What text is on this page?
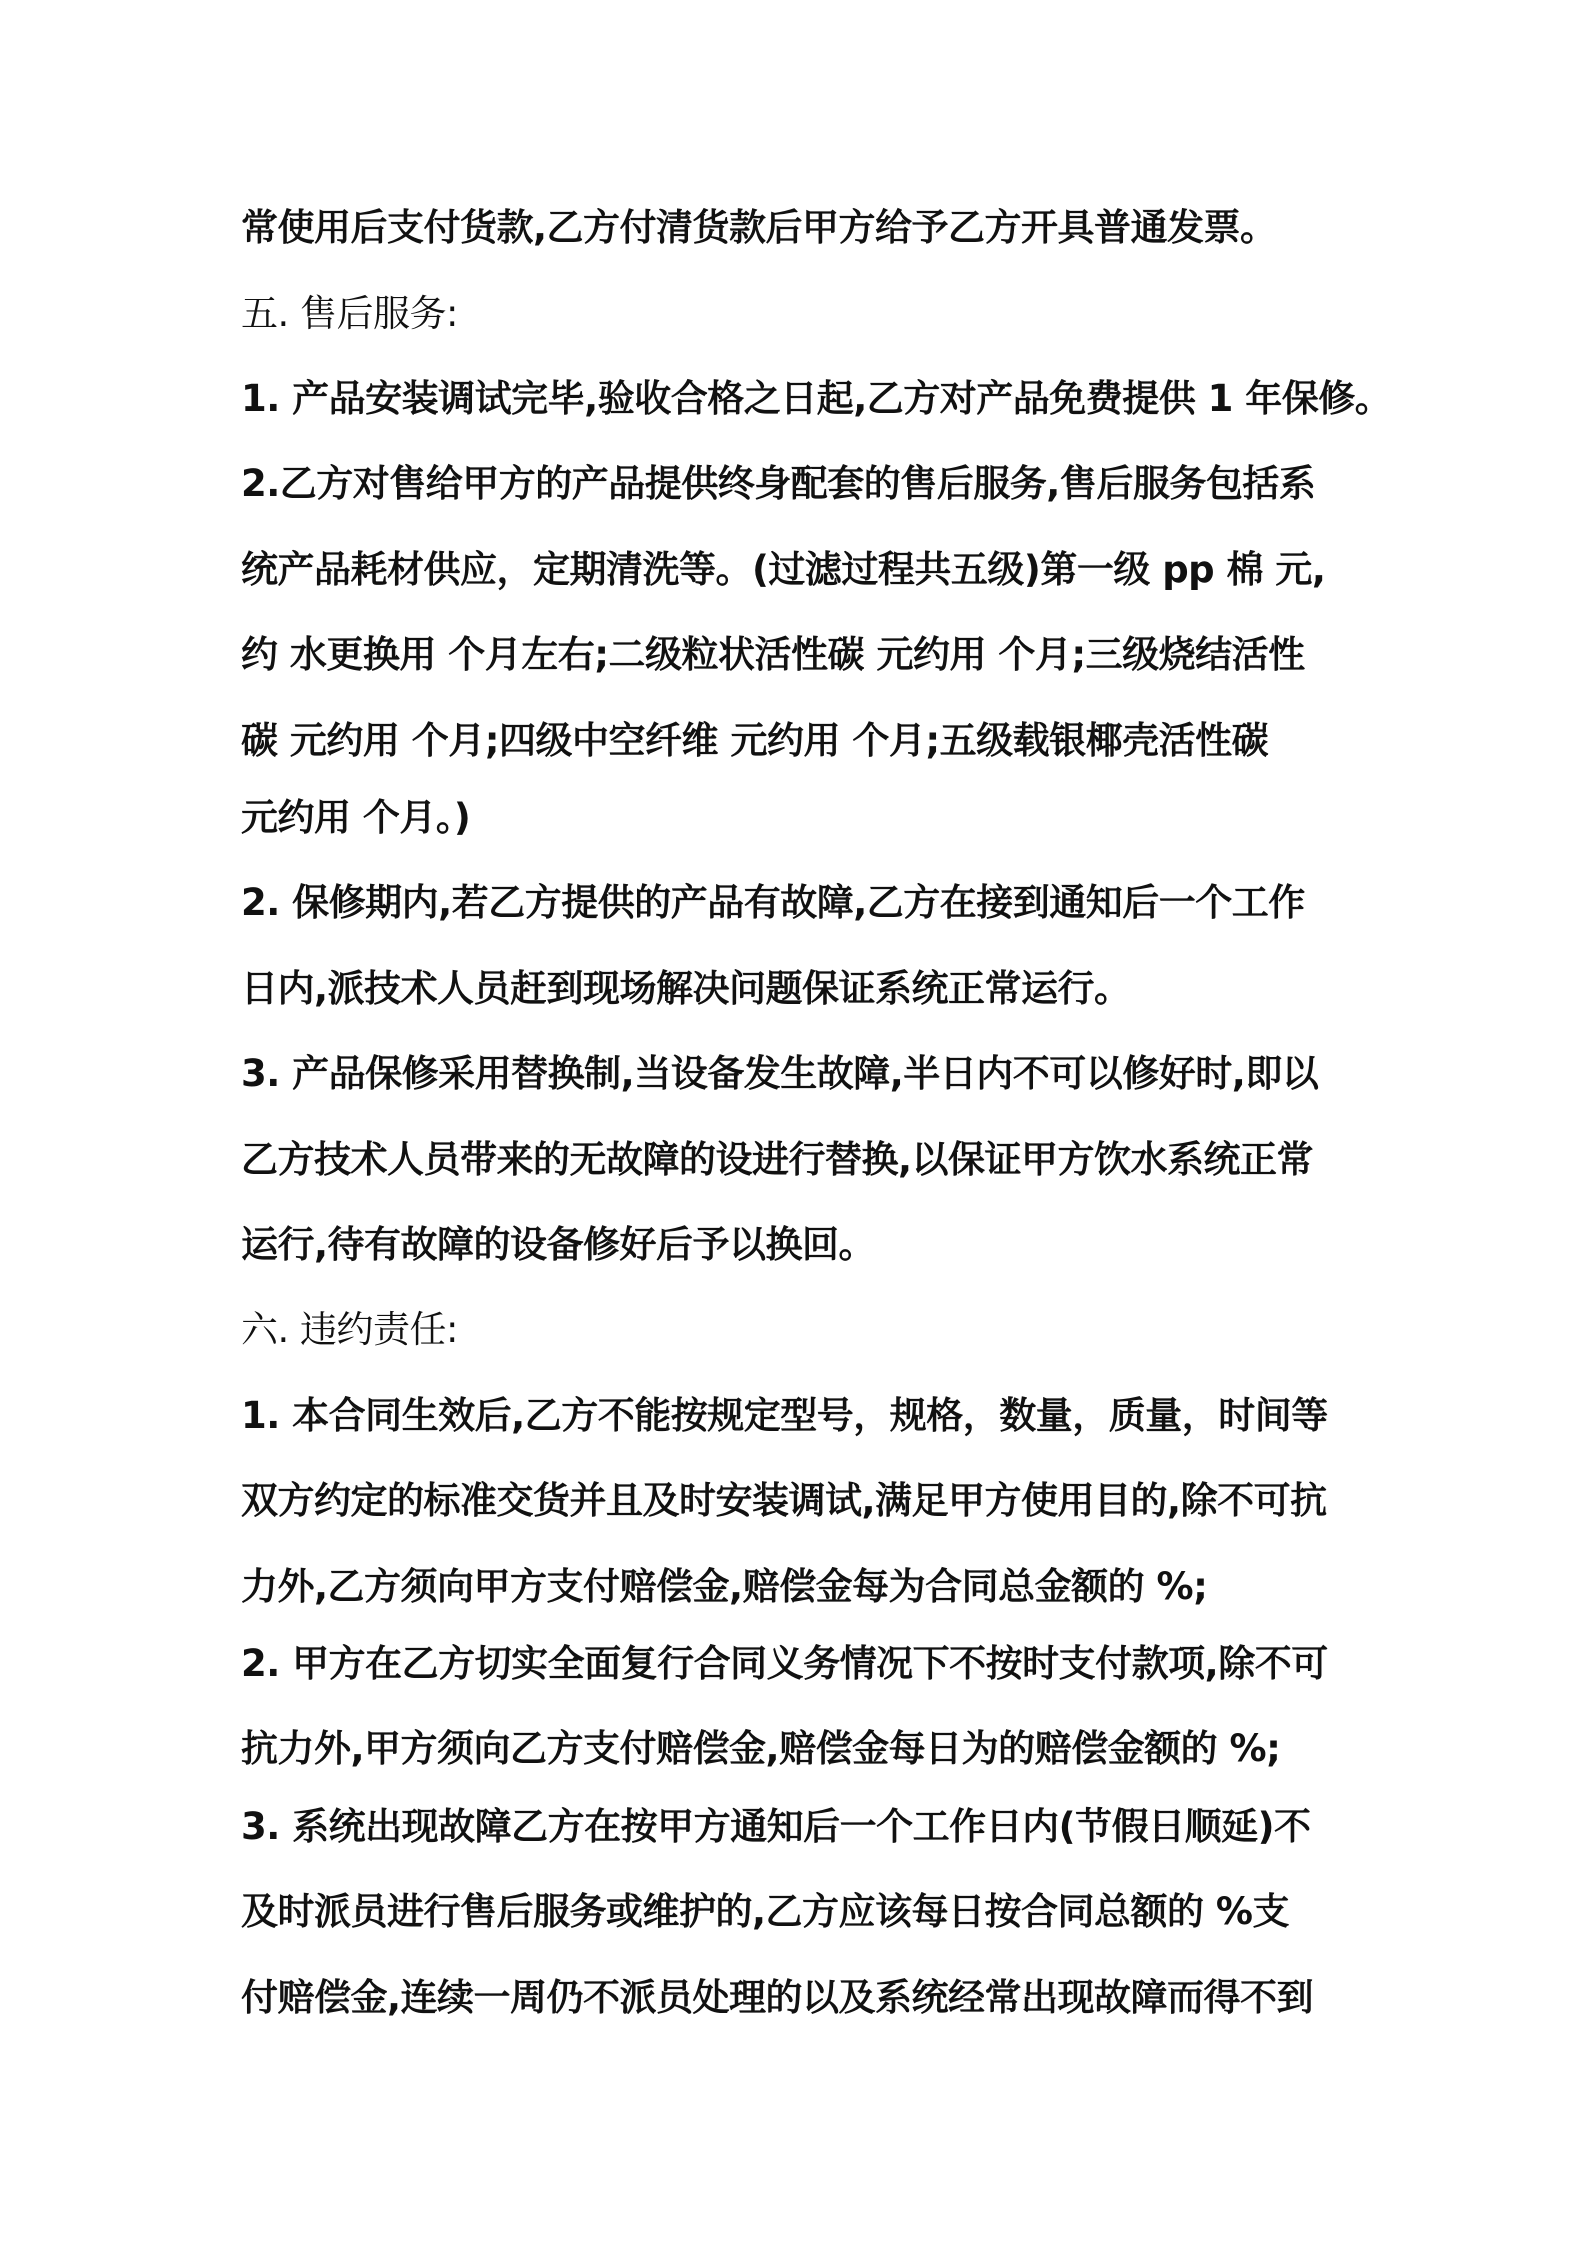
常使用后支付货款,乙方付清货款后甲方给予乙方开具普通发票。
五. 售后服务:
1. 产品安装调试完毕,验收合格之日起,乙方对产品免费提供 1 年保修。
2.乙方对售给甲方的产品提供终身配套的售后服务,售后服务包括系
统产品耗材供应，定期清洗等。(过滤过程共五级)第一级 pp 棉 元,
约 水更换用 个月左右;二级粒状活性碳 元约用 个月;三级烧结活性
碳 元约用 个月;四级中空纤维 元约用 个月;五级载银椰壳活性碳
元约用 个月。)
2. 保修期内,若乙方提供的产品有故障,乙方在接到通知后一个工作
日内,派技术人员赶到现场解决问题保证系统正常运行。
3. 产品保修采用替换制,当设备发生故障,半日内不可以修好时,即以
乙方技术人员带来的无故障的设进行替换,以保证甲方饮水系统正常
运行,待有故障的设备修好后予以换回。
六. 违约责任:
1. 本合同生效后,乙方不能按规定型号，规格，数量，质量，时间等
双方约定的标准交货并且及时安装调试,满足甲方使用目的,除不可抗
力外,乙方须向甲方支付赔偿金,赔偿金每为合同总金额的 %;
2. 甲方在乙方切实全面复行合同义务情况下不按时支付款项,除不可
抗力外,甲方须向乙方支付赔偿金,赔偿金每日为的赔偿金额的 %;
3. 系统出现故障乙方在按甲方通知后一个工作日内(节假日顺延)不
及时派员进行售后服务或维护的,乙方应该每日按合同总额的 %支
付赔偿金,连续一周仍不派员处理的以及系统经常出现故障而得不到
